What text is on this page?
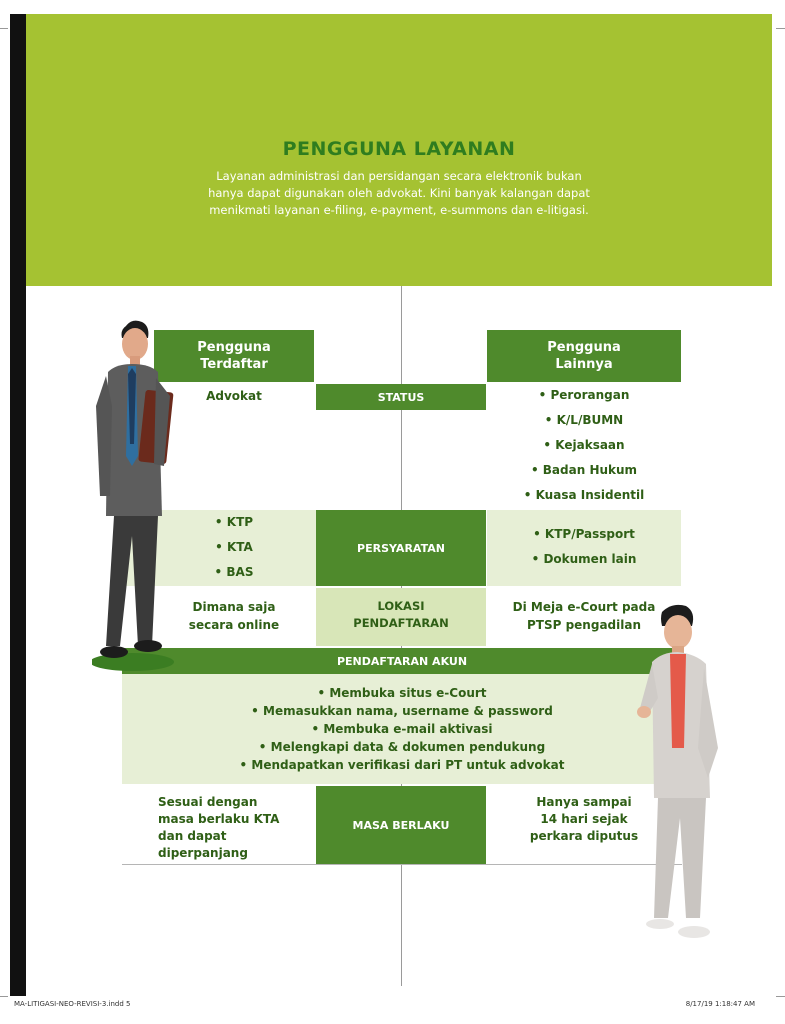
PENGGUNA LAYANAN
Layanan administrasi dan persidangan secara elektronik bukan
hanya dapat digunakan oleh advokat. Kini banyak kalangan dapat
menikmati layanan e-filing, e-payment, e-summons dan e-litigasi.
Pengguna
Terdaftar
Pengguna
Lainnya
STATUS
Advokat	• Perorangan
• K/L/BUMN
• Kejaksaan
• Badan Hukum
• Kuasa Insidentil
PERSYARATAN
• KTP
• KTA
• BAS
• KTP/Passport
• Dokumen lain
LOKASI
PENDAFTARAN
Dimana saja
secara online
Di Meja e-Court pada
PTSP pengadilan
PENDAFTARAN AKUN
• Membuka situs e-Court
• Memasukkan nama, username & password
• Membuka e-mail aktivasi
• Melengkapi data & dokumen pendukung
• Mendapatkan verifikasi dari PT untuk advokat
MASA BERLAKU
Sesuai dengan
masa berlaku KTA
dan dapat
diperpanjang
Hanya sampai
14 hari sejak
perkara diputus
MA-LITIGASI-NEO-REVISI-3.indd 5	8/17/19 1:18:47 AM
